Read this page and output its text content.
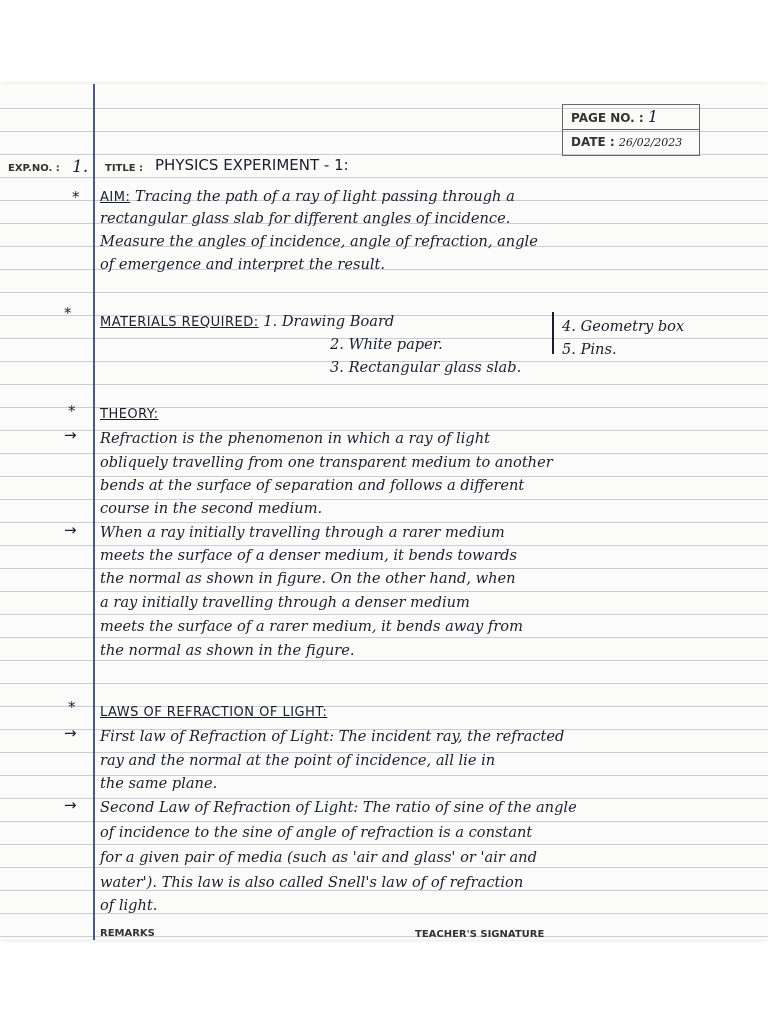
PAGE NO. : 1
DATE : 26/02/2023
EXP.NO. : 1. TITLE : PHYSICS EXPERIMENT - 1:
* AIM: Tracing the path of a ray of light passing through a
rectangular glass slab for different angles of incidence.
Measure the angles of incidence, angle of refraction, angle
of emergence and interpret the result.
*
MATERIALS REQUIRED: 1. Drawing Board
2. White paper.
3. Rectangular glass slab.
4. Geometry box
5. Pins.
* THEORY:
→ Refraction is the phenomenon in which a ray of light
obliquely travelling from one transparent medium to another
bends at the surface of separation and follows a different
course in the second medium.
→ When a ray initially travelling through a rarer medium
meets the surface of a denser medium, it bends towards
the normal as shown in figure. On the other hand, when
a ray initially travelling through a denser medium
meets the surface of a rarer medium, it bends away from
the normal as shown in the figure.
* LAWS OF REFRACTION OF LIGHT:
→ First law of Refraction of Light: The incident ray, the refracted
ray and the normal at the point of incidence, all lie in
the same plane.
→ Second Law of Refraction of Light: The ratio of sine of the angle
of incidence to the sine of angle of refraction is a constant
for a given pair of media (such as 'air and glass' or 'air and
water'). This law is also called Snell's law of of refraction
of light.
REMARKS	TEACHER'S SIGNATURE
